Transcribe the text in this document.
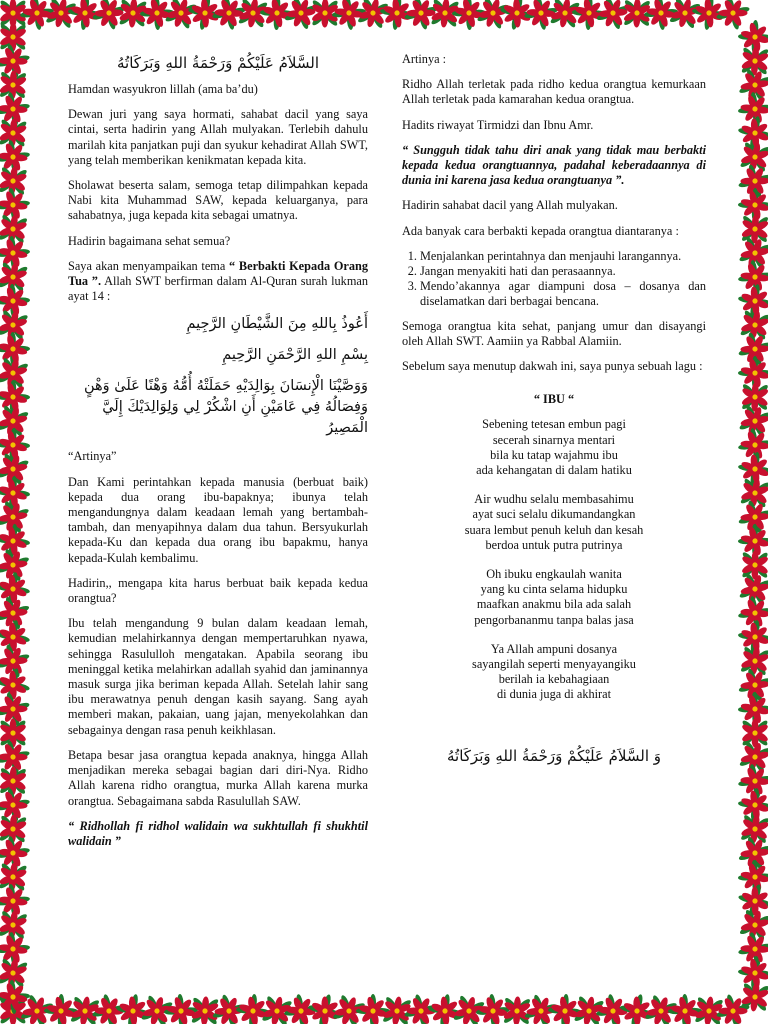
السَّلاَمُ عَلَيْكُمْ وَرَحْمَةُ اللهِ وَبَرَكَاتُهُ

Hamdan wasyukron lillah (ama ba’du)

Dewan juri yang saya hormati, sahabat dacil yang saya cintai, serta hadirin yang Allah mulyakan. Terlebih dahulu marilah kita panjatkan puji dan syukur kehadirat Allah SWT, yang telah memberikan kenikmatan kepada kita.

Sholawat beserta salam, semoga tetap dilimpahkan kepada Nabi kita Muhammad SAW, kepada keluarganya, para sahabatnya, juga kepada kita sebagai umatnya.

Hadirin bagaimana sehat semua?

Saya akan menyampaikan tema “ Berbakti Kepada Orang Tua ”. Allah SWT berfirman dalam Al-Quran surah lukman ayat 14 :

أَعُوذُ بِاللهِ مِنَ الشَّيْطَانِ الرَّجِيمِ
بِسْمِ اللهِ الرَّحْمَنِ الرَّحِيمِ
وَوَصَّيْنَا الْإِنسَانَ بِوَالِدَيْهِ حَمَلَتْهُ أُمُّهُ وَهْنًا عَلَىٰ وَهْنٍ وَفِصَالُهُ فِي عَامَيْنِ أَنِ اشْكُرْ لِي وَلِوَالِدَيْكَ إِلَيَّ الْمَصِيرُ

“Artinya”

Dan Kami perintahkan kepada manusia (berbuat baik) kepada dua orang ibu-bapaknya; ibunya telah mengandungnya dalam keadaan lemah yang bertambah-tambah, dan menyapihnya dalam dua tahun. Bersyukurlah kepada-Ku dan kepada dua orang ibu bapakmu, hanya kepada-Kulah kembalimu.

Hadirin,, mengapa kita harus berbuat baik kepada kedua orangtua?

Ibu telah mengandung 9 bulan dalam keadaan lemah, kemudian melahirkannya dengan mempertaruhkan nyawa, sehingga Rasululloh mengatakan. Apabila seorang ibu meninggal ketika melahirkan adallah syahid dan jaminannya masuk surga jika beriman kepada Allah. Setelah lahir sang ibu merawatnya penuh dengan kasih sayang. Sang ayah memberi makan, pakaian, uang jajan, menyekolahkan dan sebagainya dengan rasa penuh keikhlasan.

Betapa besar jasa orangtua kepada anaknya, hingga Allah menjadikan mereka sebagai bagian dari diri-Nya. Ridho Allah karena ridho orangtua, murka Allah karena murka orangtua. Sebagaimana sabda Rasulullah SAW.

“ Ridhollah fi ridhol walidain wa sukhtullah fi shukhtil walidain ”

Artinya :

Ridho Allah terletak pada ridho kedua orangtua kemurkaan Allah terletak pada kamarahan kedua orangtua.

Hadits riwayat Tirmidzi dan Ibnu Amr.

“ Sungguh tidak tahu diri anak yang tidak mau berbakti kepada kedua orangtuannya, padahal keberadaannya di dunia ini karena jasa kedua orangtuanya ”.

Hadirin sahabat dacil yang Allah mulyakan.

Ada banyak cara berbakti kepada orangtua diantaranya :

1. Menjalankan perintahnya dan menjauhi larangannya.
2. Jangan menyakiti hati dan perasaannya.
3. Mendo’akannya agar diampuni dosa – dosanya dan diselamatkan dari berbagai bencana.

Semoga orangtua kita sehat, panjang umur dan disayangi oleh Allah SWT. Aamiin ya Rabbal Alamiin.

Sebelum saya menutup dakwah ini, saya punya sebuah lagu :

“ IBU “
Sebening tetesan embun pagi
secerah sinarnya mentari
bila ku tatap wajahmu ibu
ada kehangatan di dalam hatiku
Air wudhu selalu membasahimu
ayat suci selalu dikumandangkan
suara lembut penuh keluh dan kesah
berdoa untuk putra putrinya
Oh ibuku engkaulah wanita
yang ku cinta selama hidupku
maafkan anakmu bila ada salah
pengorbananmu tanpa balas jasa
Ya Allah ampuni dosanya
sayangilah seperti menyayangiku
berilah ia kebahagiaan
di dunia juga di akhirat
وَ السَّلاَمُ عَلَيْكُمْ وَرَحْمَةُ اللهِ وَبَرَكَاتُهُ
